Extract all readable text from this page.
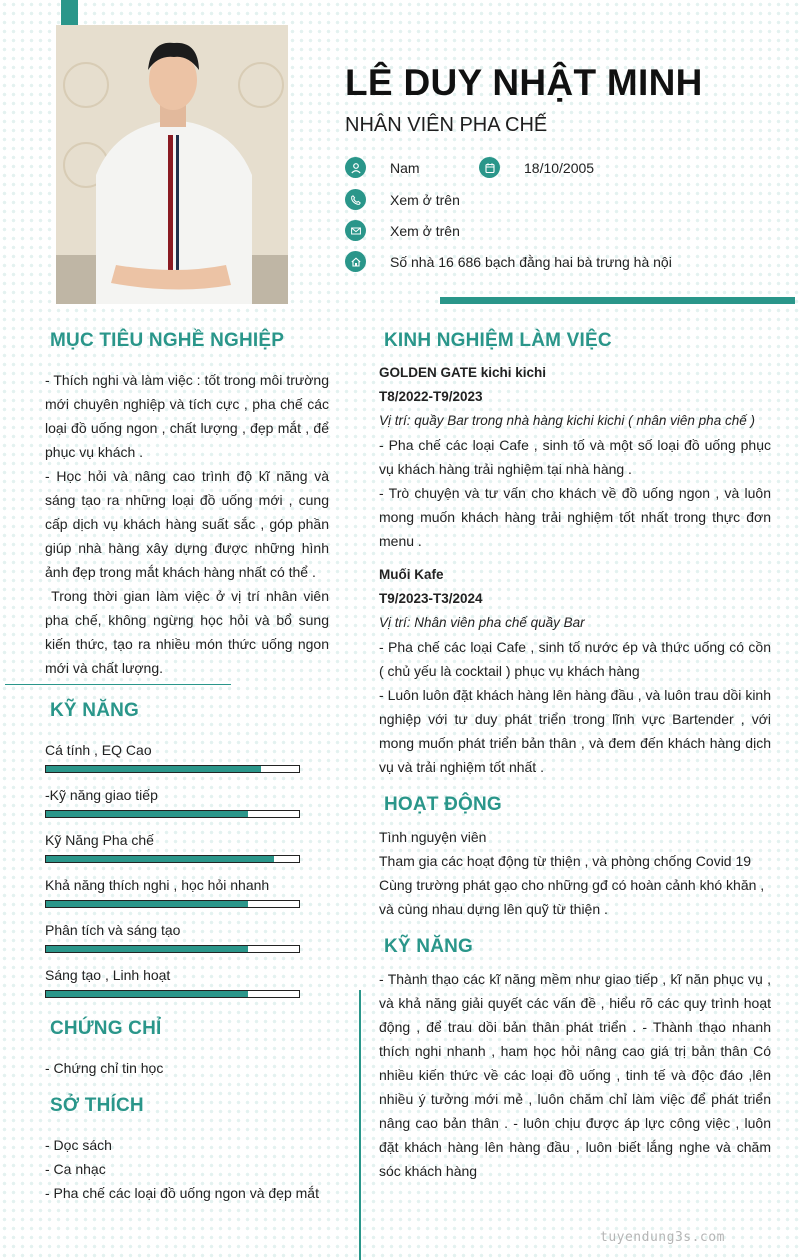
LÊ DUY NHẬT MINH
NHÂN VIÊN PHA CHẾ
Nam	18/10/2005
Xem ở trên
Xem ở trên
Số nhà 16 686 bạch đằng hai bà trưng hà nội
MỤC TIÊU NGHỀ NGHIỆP

- Thích nghi và làm việc : tốt trong môi trường mới chuyên nghiệp và tích cực , pha chế các loại đồ uống ngon , chất lượng , đẹp mắt , để phục vụ khách .

- Học hỏi và nâng cao trình độ kĩ năng và sáng tạo ra những loại đồ uống mới , cung cấp dịch vụ khách hàng suất sắc , góp phần giúp nhà hàng xây dựng được những hình ảnh đẹp trong mắt khách hàng nhất có thể .

Trong thời gian làm việc ở vị trí nhân viên pha chế, không ngừng học hỏi và bổ sung kiến thức, tạo ra nhiều món thức uống ngon mới và chất lượng.

KỸ NĂNG
Cá tính , EQ Cao
-Kỹ năng giao tiếp
Kỹ Năng Pha chế
Khả năng thích nghi , học hỏi nhanh
Phân tích và sáng tạo
Sáng tạo , Linh hoạt
CHỨNG CHỈ

- Chứng chỉ tin học

SỞ THÍCH

- Dọc sách

- Ca nhạc

- Pha chế các loại đồ uống ngon và đẹp mắt

KINH NGHIỆM LÀM VIỆC

GOLDEN GATE kichi kichi

T8/2022-T9/2023

Vị trí: quầy Bar trong nhà hàng kichi kichi ( nhân viên pha chế )

- Pha chế các loại Cafe , sinh tố và một số loại đồ uống phục vụ khách hàng trải nghiệm tại nhà hàng .

- Trò chuyện và tư vấn cho khách về đồ uống ngon , và luôn mong muốn khách hàng trải nghiệm tốt nhất trong thực đơn menu .

Muối Kafe

T9/2023-T3/2024

Vị trí: Nhân viên pha chế quầy Bar

- Pha chế các loại Cafe , sinh tố nước ép và thức uống có cồn ( chủ yếu là cocktail ) phục vụ khách hàng

- Luôn luôn đặt khách hàng lên hàng đầu , và luôn trau dồi kinh nghiệp với tư duy phát triển trong lĩnh vực Bartender , với mong muốn phát triển bản thân , và đem đến khách hàng dịch vụ và trải nghiệm tốt nhất .

HOẠT ĐỘNG

Tình nguyện viên

Tham gia các hoạt động từ thiện , và phòng chống Covid 19

Cùng trường phát gạo cho những gđ có hoàn cảnh khó khăn , và cùng nhau dựng lên quỹ từ thiện .

KỸ NĂNG

- Thành thạo các kĩ năng mềm như giao tiếp , kĩ năn phục vụ , và khả năng giải quyết các vấn đề , hiểu rõ các quy trình hoạt động , để trau dồi bản thân phát triển . - Thành thạo nhanh thích nghi nhanh , ham học hỏi nâng cao giá trị bản thân Có nhiều kiến thức về các loại đồ uống , tinh tế và độc đáo ,lên nhiều ý tưởng mới mẻ , luôn chăm chỉ làm việc để phát triển nâng cao bản thân . - luôn chịu được áp lực công việc , luôn đặt khách hàng lên hàng đầu , luôn biết lắng nghe và chăm sóc khách hàng

tuyendung3s.com
